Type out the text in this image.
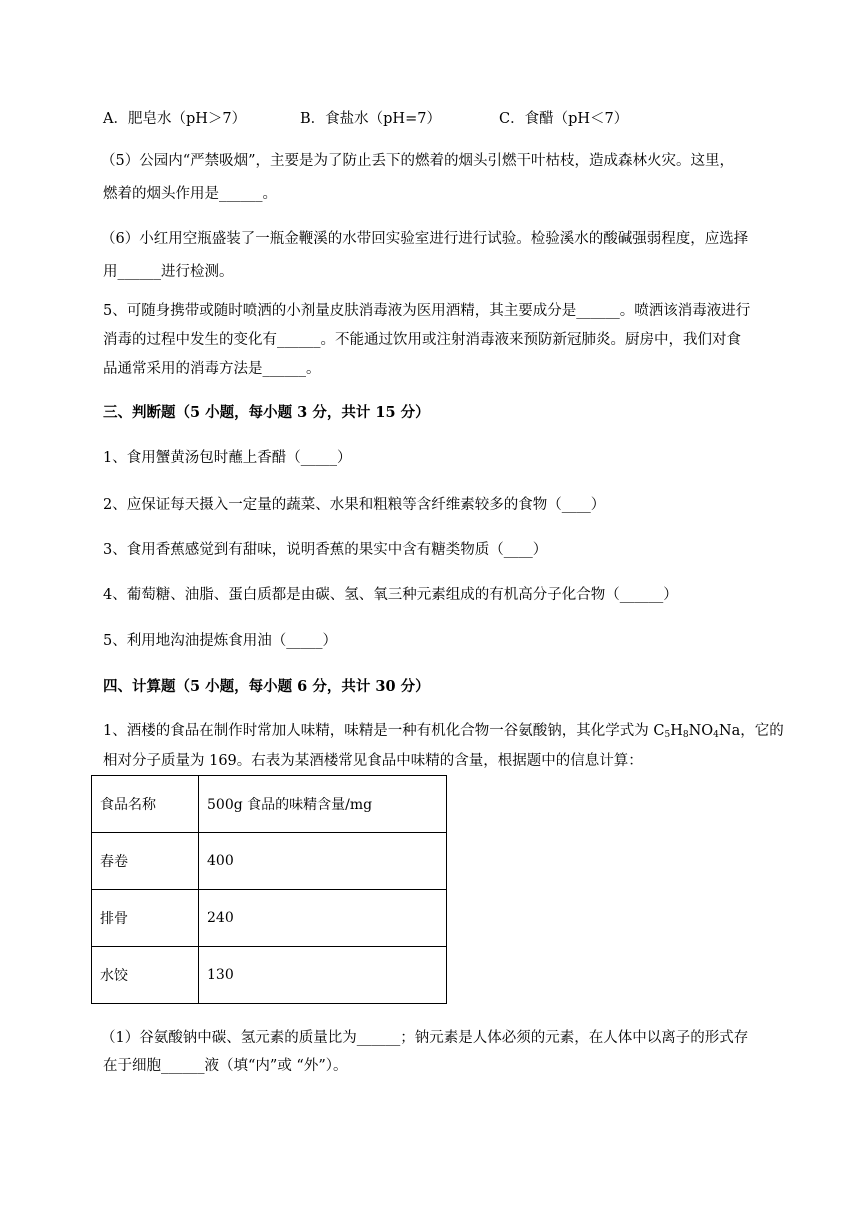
A．肥皂水（pH＞7）	B．食盐水（pH=7）	C．食醋（pH＜7）
（5）公园内“严禁吸烟”，主要是为了防止丢下的燃着的烟头引燃干叶枯枝，造成森林火灾。这里，
燃着的烟头作用是______。
（6）小红用空瓶盛装了一瓶金鞭溪的水带回实验室进行进行试验。检验溪水的酸碱强弱程度，应选择
用______进行检测。
5、可随身携带或随时喷洒的小剂量皮肤消毒液为医用酒精，其主要成分是______。喷洒该消毒液进行
消毒的过程中发生的变化有______。不能通过饮用或注射消毒液来预防新冠肺炎。厨房中，我们对食
品通常采用的消毒方法是______。
三、判断题（5 小题，每小题 3 分，共计 15 分）
1、食用蟹黄汤包时蘸上香醋（_____）
2、应保证每天摄入一定量的蔬菜、水果和粗粮等含纤维素较多的食物（____）
3、食用香蕉感觉到有甜味，说明香蕉的果实中含有糖类物质（____）
4、葡萄糖、油脂、蛋白质都是由碳、氢、氧三种元素组成的有机高分子化合物（______）
5、利用地沟油提炼食用油（_____）
四、计算题（5 小题，每小题 6 分，共计 30 分）
1、酒楼的食品在制作时常加人味精，味精是一种有机化合物一谷氨酸钠，其化学式为 $C_5H_8NO_4Na$，它的
相对分子质量为 169。右表为某酒楼常见食品中味精的含量，根据题中的信息计算：
食品名称	500g 食品的味精含量/mg
春卷	400
排骨	240
水饺	130
（1）谷氨酸钠中碳、氢元素的质量比为______；钠元素是人体必须的元素，在人体中以离子的形式存
在于细胞______液（填“内”或 “外”）。
